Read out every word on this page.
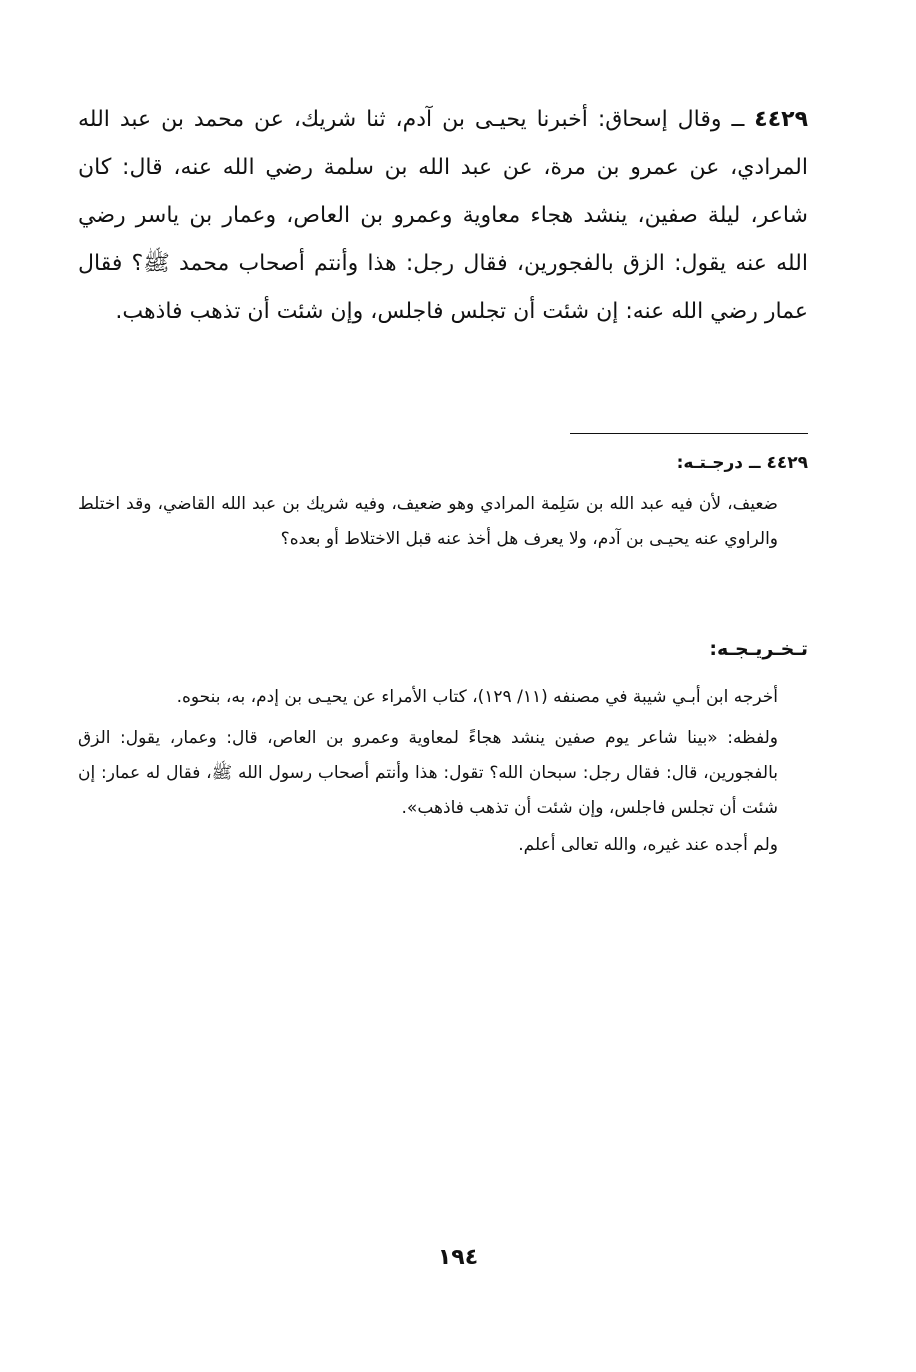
٤٤٢٩ ــ وقال إسحاق: أخبرنا يحيـى بن آدم، ثنا شريك، عن محمد بن عبد الله المرادي، عن عمرو بن مرة، عن عبد الله بن سلمة رضي الله عنه، قال: كان شاعر، ليلة صفين، ينشد هجاء معاوية وعمرو بن العاص، وعمار بن ياسر رضي الله عنه يقول: الزق بالفجورين، فقال رجل: هذا وأنتم أصحاب محمد ﷺ؟ فقال عمار رضي الله عنه: إن شئت أن تجلس فاجلس، وإن شئت أن تذهب فاذهب.

٤٤٢٩ ــ درجـتـه:

ضعيف، لأن فيه عبد الله بن سَلِمة المرادي وهو ضعيف، وفيه شريك بن عبد الله القاضي، وقد اختلط والراوي عنه يحيـى بن آدم، ولا يعرف هل أخذ عنه قبل الاختلاط أو بعده؟

تـخـريـجـه:

أخرجه ابن أبـي شيبة في مصنفه (١١/ ١٢٩)، كتاب الأمراء عن يحيـى بن إدم، به، بنحوه.

ولفظه: «بينا شاعر يوم صفين ينشد هجاءً لمعاوية وعمرو بن العاص، قال: وعمار، يقول: الزق بالفجورين، قال: فقال رجل: سبحان الله؟ تقول: هذا وأنتم أصحاب رسول الله ﷺ، فقال له عمار: إن شئت أن تجلس فاجلس، وإن شئت أن تذهب فاذهب».

ولم أجده عند غيره، والله تعالى أعلم.

١٩٤
